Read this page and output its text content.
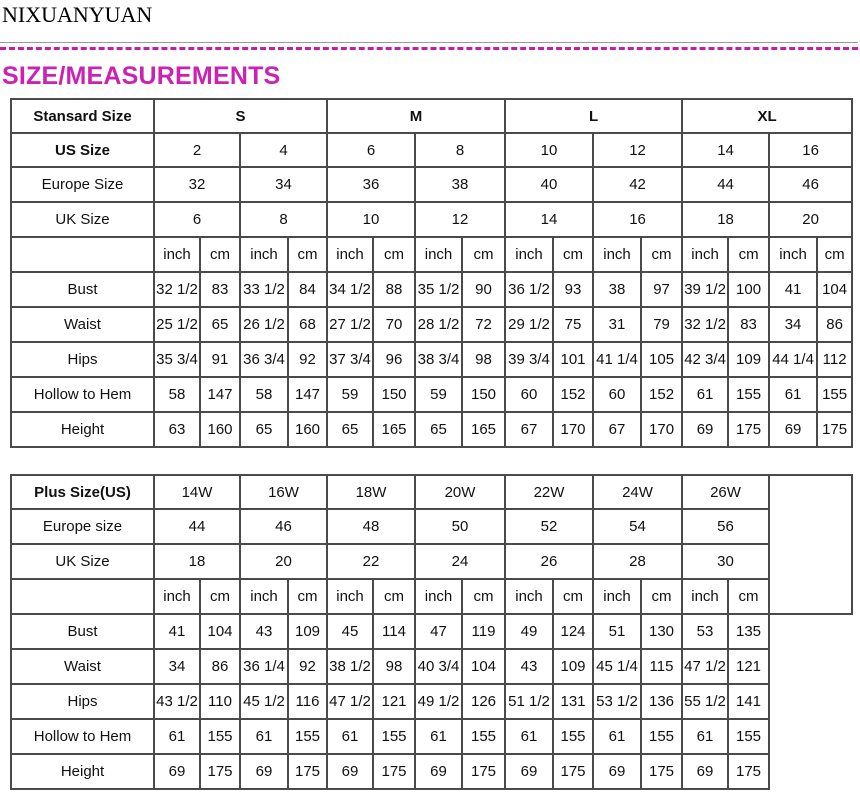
NIXUANYUAN
SIZE/MEASUREMENTS
Stansard Size	S				M				L				XL			
US Size	2		4		6		8		10		12		14		16	
Europe Size	32		34		36		38		40		42		44		46	
UK Size	6		8		10		12		14		16		18		20	
	inch	cm	inch	cm	inch	cm	inch	cm	inch	cm	inch	cm	inch	cm	inch	cm
Bust	32 1/2	83	33 1/2	84	34 1/2	88	35 1/2	90	36 1/2	93	38	97	39 1/2	100	41	104
Waist	25 1/2	65	26 1/2	68	27 1/2	70	28 1/2	72	29 1/2	75	31	79	32 1/2	83	34	86
Hips	35 3/4	91	36 3/4	92	37 3/4	96	38 3/4	98	39 3/4	101	41 1/4	105	42 3/4	109	44 1/4	112
Hollow to Hem	58	147	58	147	59	150	59	150	60	152	60	152	61	155	61	155
Height	63	160	65	160	65	165	65	165	67	170	67	170	69	175	69	175
Plus Size(US)	14W		16W		18W		20W		22W		24W		26W		
Europe size	44		46		48		50		52		54		56		
UK Size	18		20		22		24		26		28		30		
	inch	cm	inch	cm	inch	cm	inch	cm	inch	cm	inch	cm	inch	cm	
Bust	41	104	43	109	45	114	47	119	49	124	51	130	53	135	
Waist	34	86	36 1/4	92	38 1/2	98	40 3/4	104	43	109	45 1/4	115	47 1/2	121	
Hips	43 1/2	110	45 1/2	116	47 1/2	121	49 1/2	126	51 1/2	131	53 1/2	136	55 1/2	141	
Hollow to Hem	61	155	61	155	61	155	61	155	61	155	61	155	61	155	
Height	69	175	69	175	69	175	69	175	69	175	69	175	69	175	
